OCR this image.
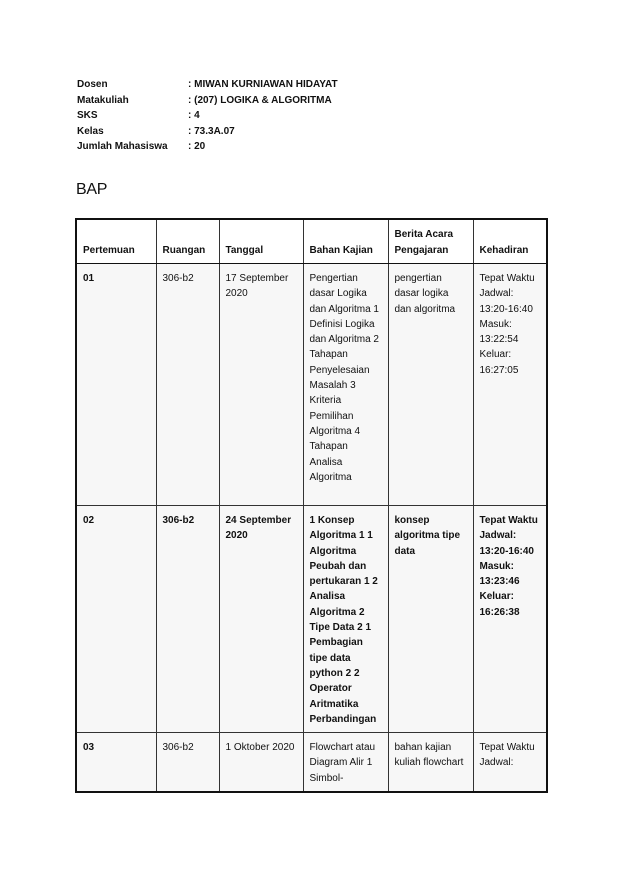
Dosen	: MIWAN KURNIAWAN HIDAYAT
Matakuliah	: (207) LOGIKA & ALGORITMA
SKS	: 4
Kelas	: 73.3A.07
Jumlah Mahasiswa	: 20
BAP
Pertemuan	Ruangan	Tanggal	Bahan Kajian	Berita Acara Pengajaran	Kehadiran
01	306-b2	17 September 2020	Pengertian dasar Logika dan Algoritma 1 Definisi Logika dan Algoritma 2 Tahapan Penyelesaian Masalah 3 Kriteria Pemilihan Algoritma 4 Tahapan Analisa Algoritma	pengertian dasar logika dan algoritma	Tepat Waktu Jadwal: 13:20-16:40 Masuk: 13:22:54 Keluar: 16:27:05
02	306-b2	24 September 2020	1 Konsep Algoritma 1 1 Algoritma Peubah dan pertukaran 1 2 Analisa Algoritma 2 Tipe Data 2 1 Pembagian tipe data python 2 2 Operator Aritmatika Perbandingan	konsep algoritma tipe data	Tepat Waktu Jadwal: 13:20-16:40 Masuk: 13:23:46 Keluar: 16:26:38
03	306-b2	1 Oktober 2020	Flowchart atau Diagram Alir 1 Simbol-	bahan kajian kuliah flowchart	Tepat Waktu Jadwal:
